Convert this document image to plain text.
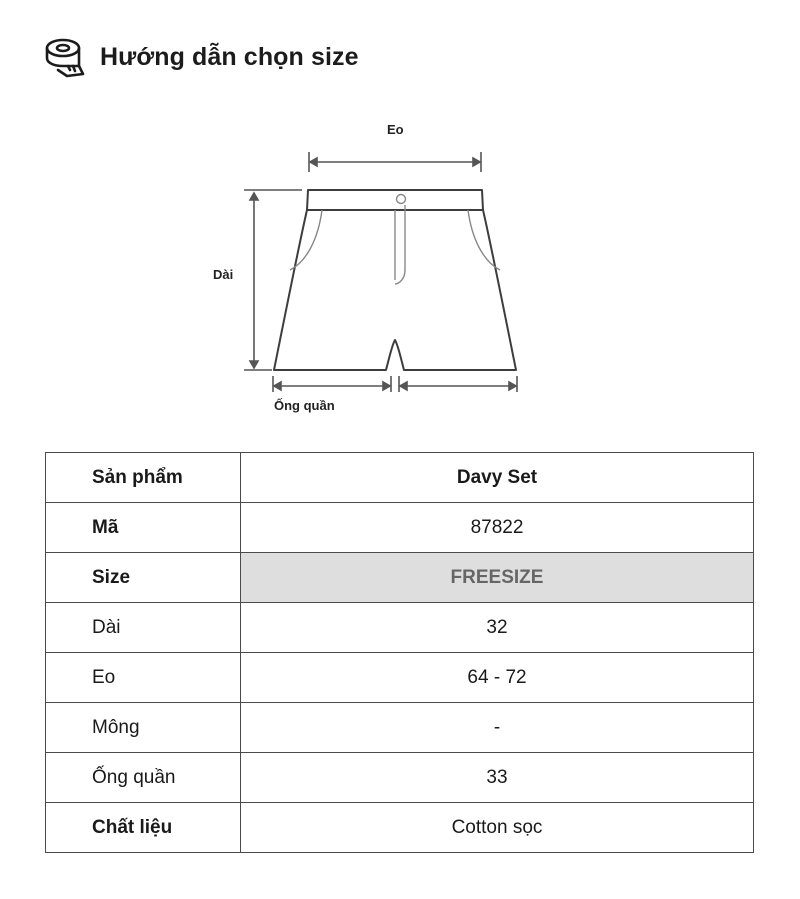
Hướng dẫn chọn size
Eo
Dài
Ống quần
Sản phẩm	Davy Set
Mã	87822
Size	FREESIZE
Dài	32
Eo	64 - 72
Mông	-
Ống quần	33
Chất liệu	Cotton sọc
